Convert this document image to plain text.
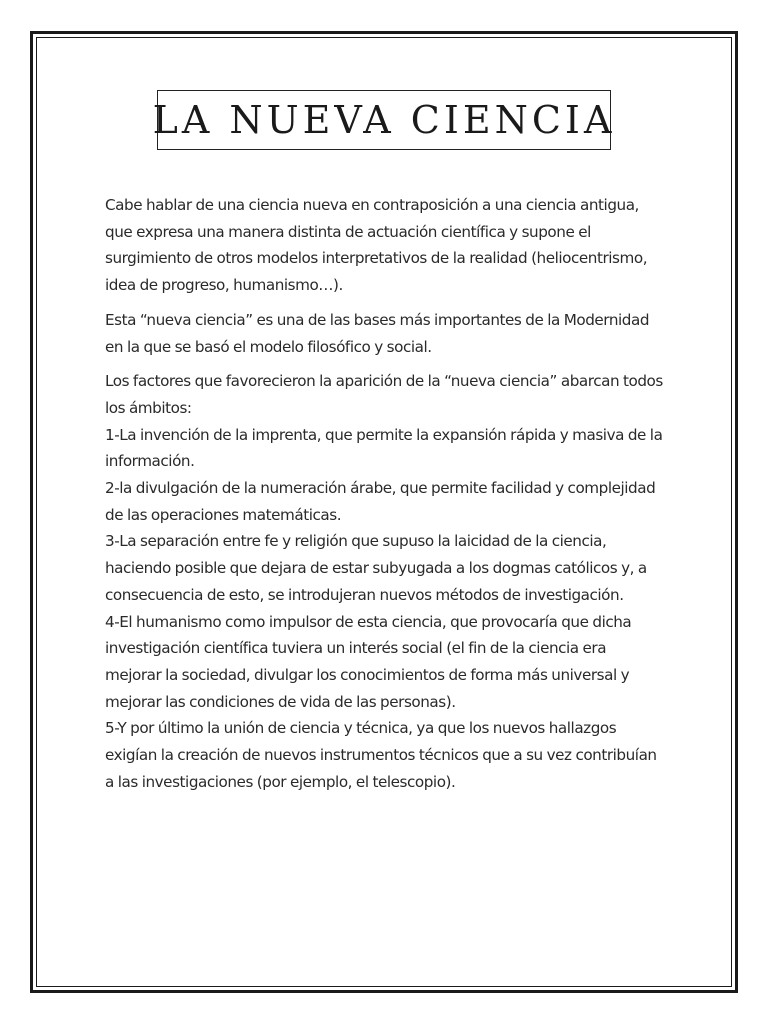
LA NUEVA CIENCIA

Cabe hablar de una ciencia nueva en contraposición a una ciencia antigua, que expresa una manera distinta de actuación científica y supone el surgimiento de otros modelos interpretativos de la realidad (heliocentrismo, idea de progreso, humanismo…).

Esta “nueva ciencia” es una de las bases más importantes de la Modernidad en la que se basó el modelo filosófico y social.

Los factores que favorecieron la aparición de la “nueva ciencia” abarcan todos los ámbitos:

1-La invención de la imprenta, que permite la expansión rápida y masiva de la información.

2-la divulgación de la numeración árabe, que permite facilidad y complejidad de las operaciones matemáticas.

3-La separación entre fe y religión que supuso la laicidad de la ciencia, haciendo posible que dejara de estar subyugada a los dogmas católicos y, a consecuencia de esto, se introdujeran nuevos métodos de investigación.

4-El humanismo como impulsor de esta ciencia, que provocaría que dicha investigación científica tuviera un interés social (el fin de la ciencia era mejorar la sociedad, divulgar los conocimientos de forma más universal y mejorar las condiciones de vida de las personas).

5-Y por último la unión de ciencia y técnica, ya que los nuevos hallazgos exigían la creación de nuevos instrumentos técnicos que a su vez contribuían a las investigaciones (por ejemplo, el telescopio).
